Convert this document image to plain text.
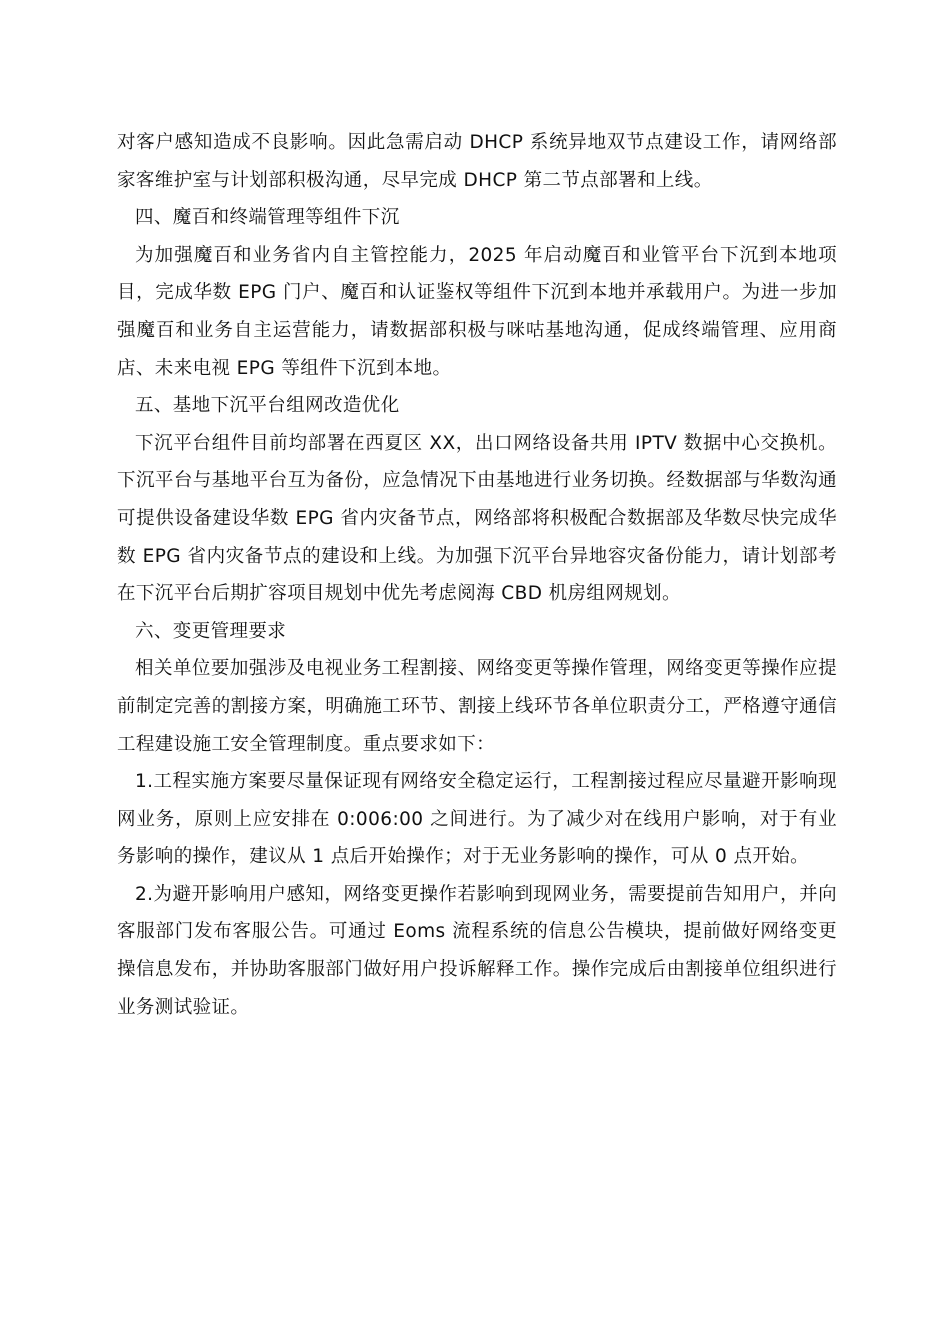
对客户感知造成不良影响。因此急需启动 DHCP 系统异地双节点建设工作，请网络部家客维护室与计划部积极沟通，尽早完成 DHCP 第二节点部署和上线。

四、魔百和终端管理等组件下沉

为加强魔百和业务省内自主管控能力，2025 年启动魔百和业管平台下沉到本地项目，完成华数 EPG 门户、魔百和认证鉴权等组件下沉到本地并承载用户。为进一步加强魔百和业务自主运营能力，请数据部积极与咪咕基地沟通，促成终端管理、应用商店、未来电视 EPG 等组件下沉到本地。

五、基地下沉平台组网改造优化

下沉平台组件目前均部署在西夏区 XX，出口网络设备共用 IPTV 数据中心交换机。下沉平台与基地平台互为备份，应急情况下由基地进行业务切换。经数据部与华数沟通可提供设备建设华数 EPG 省内灾备节点，网络部将积极配合数据部及华数尽快完成华数 EPG 省内灾备节点的建设和上线。为加强下沉平台异地容灾备份能力，请计划部考在下沉平台后期扩容项目规划中优先考虑阅海 CBD 机房组网规划。

六、变更管理要求

相关单位要加强涉及电视业务工程割接、网络变更等操作管理，网络变更等操作应提前制定完善的割接方案，明确施工环节、割接上线环节各单位职责分工，严格遵守通信工程建设施工安全管理制度。重点要求如下：

1.工程实施方案要尽量保证现有网络安全稳定运行，工程割接过程应尽量避开影响现网业务，原则上应安排在 0:006:00 之间进行。为了减少对在线用户影响，对于有业务影响的操作，建议从 1 点后开始操作；对于无业务影响的操作，可从 0 点开始。

2.为避开影响用户感知，网络变更操作若影响到现网业务，需要提前告知用户，并向客服部门发布客服公告。可通过 Eoms 流程系统的信息公告模块，提前做好网络变更操信息发布，并协助客服部门做好用户投诉解释工作。操作完成后由割接单位组织进行业务测试验证。
